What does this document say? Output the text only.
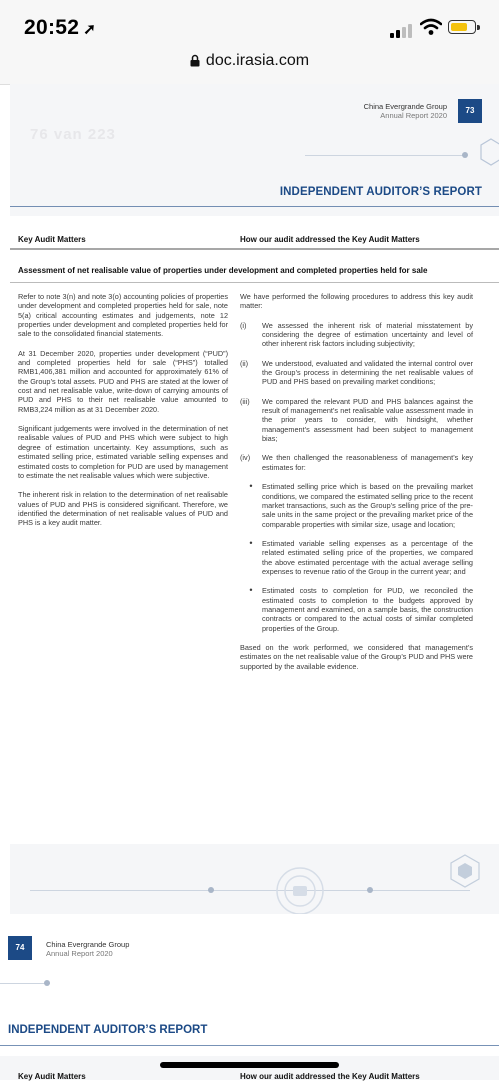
20:52 ➚
doc.irasia.com
China Evergrande Group
Annual Report 2020
73
76 van 223
INDEPENDENT AUDITOR’S REPORT
Key Audit Matters	How our audit addressed the Key Audit Matters
Assessment of net realisable value of properties under development and completed properties held for sale

Refer to note 3(n) and note 3(o) accounting policies of properties under development and completed properties held for sale, note 5(a) critical accounting estimates and judgements, note 12 properties under development and completed properties held for sale to the consolidated financial statements.

At 31 December 2020, properties under development (“PUD”) and completed properties held for sale (“PHS”) totalled RMB1,406,381 million and accounted for approximately 61% of the Group’s total assets. PUD and PHS are stated at the lower of cost and net realisable value, write-down of carrying amounts of PUD and PHS to their net realisable value amounted to RMB3,224 million as at 31 December 2020.

Significant judgements were involved in the determination of net realisable values of PUD and PHS which were subject to high degree of estimation uncertainty. Key assumptions, such as estimated selling price, estimated variable selling expenses and estimated costs to completion for PUD are used by management to estimate the net realisable values which were subjective.

The inherent risk in relation to the determination of net realisable values of PUD and PHS is considered significant. Therefore, we identified the determination of net realisable values of PUD and PHS is a key audit matter.

We have performed the following procedures to address this key audit matter:

(i)	We assessed the inherent risk of material misstatement by considering the degree of estimation uncertainty and level of other inherent risk factors including subjectivity;
(ii)	We understood, evaluated and validated the internal control over the Group’s process in determining the net realisable values of PUD and PHS based on prevailing market conditions;
(iii)	We compared the relevant PUD and PHS balances against the result of management’s net realisable value assessment made in the prior years to consider, with hindsight, whether management’s assessment had been subject to management bias;
(iv)	We then challenged the reasonableness of management’s key estimates for:
•	Estimated selling price which is based on the prevailing market conditions, we compared the estimated selling price to the recent market transactions, such as the Group’s selling price of the pre-sale units in the same project or the prevailing market price of the comparable properties with similar size, usage and location;
•	Estimated variable selling expenses as a percentage of the related estimated selling price of the properties, we compared the above estimated percentage with the actual average selling expenses to revenue ratio of the Group in the current year; and
•	Estimated costs to completion for PUD, we reconciled the estimated costs to completion to the budgets approved by management and examined, on a sample basis, the construction contracts or compared to the actual costs of similar completed properties of the Group.

Based on the work performed, we considered that management’s estimates on the net realisable value of the Group’s PUD and PHS were supported by the available evidence.

74	China Evergrande Group
Annual Report 2020
INDEPENDENT AUDITOR’S REPORT
Key Audit Matters	How our audit addressed the Key Audit Matters
